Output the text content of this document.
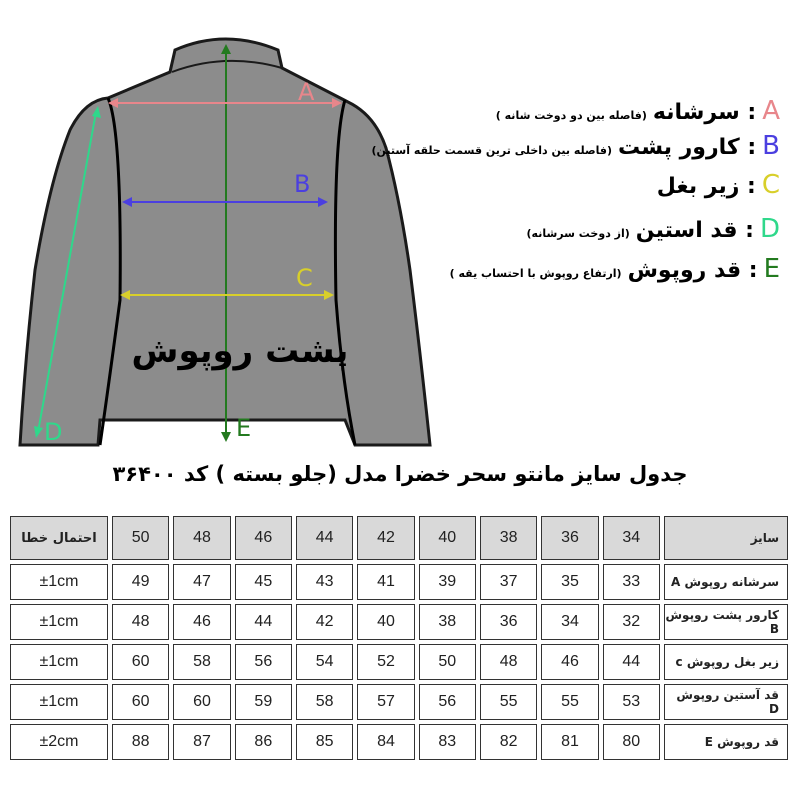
A
B
C
D	E
پشت روپوش
A
: سرشانه
(فاصله بین دو دوخت شانه )
B
: کارور پشت
(فاصله بین داخلی ترین قسمت حلقه آستین)
C
: زیر بغل
D
: قد استین
(از دوخت سرشانه)
E
: قد روپوش
(ارتفاع روپوش با احتساب یقه )
جدول سایز مانتو سحر خضرا مدل (جلو بسته ) کد ۳۶۴۰۰
احتمال خطا	50	48	46	44	42	40	38	36	34	سایز
±1cm	49	47	45	43	41	39	37	35	33	سرشانه روپوش A
±1cm	48	46	44	42	40	38	36	34	32	کارور پشت روپوش B
±1cm	60	58	56	54	52	50	48	46	44	زیر بغل روپوش c
±1cm	60	60	59	58	57	56	55	55	53	قد آستین روپوش D
±2cm	88	87	86	85	84	83	82	81	80	قد روپوش E
